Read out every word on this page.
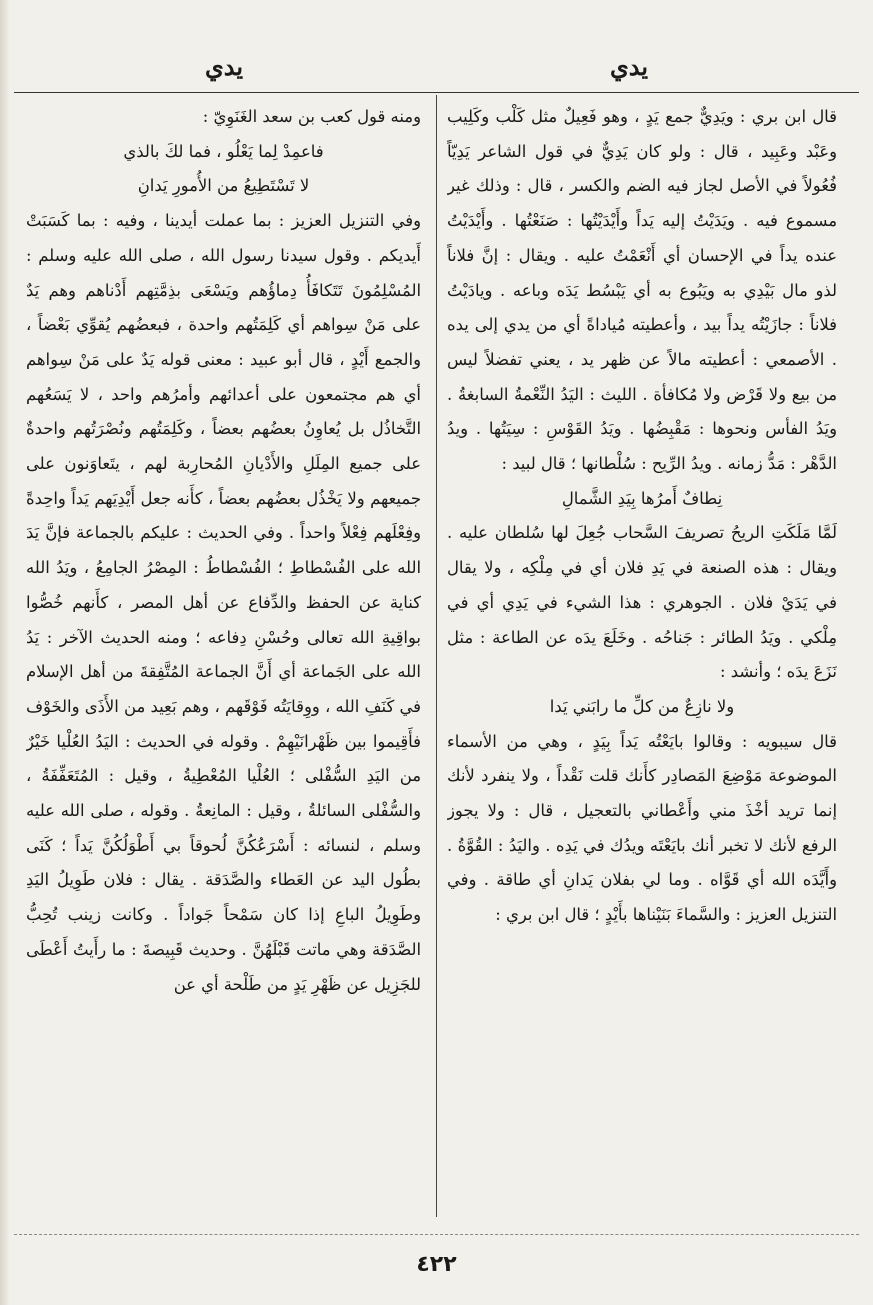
يدي
يدي

قال ابن بري : ويَدِيٌّ جمع يَدٍ ، وهو فَعِيلٌ مثل كَلْب وكَلِيب وعَبْد وعَبِيد ، قال : ولو كان يَدِيٌّ في قول الشاعر يَدِيّاً فُعُولاً في الأصل لجاز فيه الضم والكسر ، قال : وذلك غير مسموع فيه . ويَدَيْتُ إليه يَداً وأَيْدَيْتُها : صَنَعْتُها . وأَيْدَيْتُ عنده يداً في الإحسان أي أَنْعَمْتُ عليه . ويقال : إنَّ فلاناً لذو مال بَيْدِي به ويَبُوع به أي يَبْسُط يَدَه وباعه . ويادَيْتُ فلاناً : جازَيْتُه يداً بيد ، وأعطيته مُياداةً أي من يدي إلى يده . الأصمعي : أعطيته مالاً عن ظهر يد ، يعني تفضلاً ليس من بيع ولا قَرْض ولا مُكافأة . الليث : اليَدُ النِّعْمةُ السابغةُ . ويَدُ الفأس ونحوها : مَقْبِضُها . ويَدُ القَوْسِ : سِيَتُها . ويدُ الدَّهْر : مَدُّ زمانه . ويدُ الرِّيح : سُلْطانها ؛ قال لبيد :

نِطافٌ أَمرُها بِيَدِ الشَّمالِ

لَمَّا مَلَكَتِ الريحُ تصريفَ السَّحاب جُعِلَ لها سُلطان عليه . ويقال : هذه الصنعة في يَدِ فلان أي في مِلْكِه ، ولا يقال في يَدَيْ فلان . الجوهري : هذا الشيء في يَدِي أي في مِلْكي . ويَدُ الطائر : جَناحُه . وخَلَعَ يدَه عن الطاعة : مثل نَزَعَ يدَه ؛ وأنشد :

ولا نازِعٌ من كلِّ ما رابَني يَدا

قال سيبويه : وقالوا بايَعْتُه يَداً بِيَدٍ ، وهي من الأسماء الموضوعة مَوْضِعَ المَصادِر كأَنك قلت نَقْداً ، ولا ينفرد لأنك إنما تريد أخْذَ مني وأَعْطاني بالتعجيل ، قال : ولا يجوز الرفع لأنك لا تخبر أنك بايَعْتَه ويدُك في يَدِه . واليَدُ : القُوَّةُ . وأَيَّدَه الله أي قَوَّاه . وما لي بفلان يَدانِ أي طاقة . وفي التنزيل العزيز : والسَّماءَ بَنَيْناها بأَيْدٍ ؛ قال ابن بري :

ومنه قول كعب بن سعد الغَنَوِيّ :

فاعمِدْ لِما يَعْلُو ، فما لكَ بالذي

لا تَسْتَطِيعُ من الأُمورِ يَدانِ

وفي التنزيل العزيز : بما عملت أيدينا ، وفيه : بما كَسَبَتْ أَيديكم . وقول سيدنا رسول الله ، صلى الله عليه وسلم : المُسْلِمُونَ تَتَكافَأُ دِماؤُهم ويَسْعَى بذِمَّتِهم أَدْناهم وهم يَدٌ على مَنْ سِواهم أي كَلِمَتُهم واحدة ، فبعضُهم يُقوِّي بَعْضاً ، والجمع أَيْدٍ ، قال أبو عبيد : معنى قوله يَدٌ على مَنْ سِواهم أي هم مجتمعون على أعدائهم وأمرُهم واحد ، لا يَسَعُهم التَّخاذُل بل يُعاوِنُ بعضُهم بعضاً ، وكَلِمَتُهم ونُصْرَتُهم واحدةٌ على جميع المِلَلِ والأَدْيانِ المُحارِبة لهم ، يتَعاوَنون على جميعهم ولا يَخْذُل بعضُهم بعضاً ، كأَنه جعل أَيْدِيَهم يَداً واحِدةً وفِعْلَهم فِعْلاً واحداً . وفي الحديث : عليكم بالجماعة فإنَّ يَدَ الله على الفُسْطاطِ ؛ الفُسْطاطُ : المِصْرُ الجامِعُ ، ويَدُ الله كناية عن الحفظ والدِّفاع عن أهل المصر ، كأَنهم خُصُّوا بواقِيةِ الله تعالى وحُسْنِ دِفاعه ؛ ومنه الحديث الآخر : يَدُ الله على الجَماعة أي أَنَّ الجماعة المُتَّفِقةَ من أهل الإسلام في كَنَفِ الله ، ووِقايَتُه فَوْقَهم ، وهم بَعِيد من الأَذَى والخَوْف فأَقِيموا بين ظَهْرانَيْهِمْ . وقوله في الحديث : اليَدُ العُلْيا خَيْرٌ من اليَدِ السُّفْلى ؛ العُلْيا المُعْطِيةُ ، وقيل : المُتَعَفِّفَةُ ، والسُّفْلى السائلةُ ، وقيل : المانِعةُ . وقوله ، صلى الله عليه وسلم ، لنسائه : أَسْرَعُكُنَّ لُحوقاً بي أَطْوَلُكُنَّ يَداً ؛ كَنَى بطُول اليد عن العَطاء والصَّدَقة . يقال : فلان طَوِيلُ اليَدِ وطَوِيلُ الباعِ إذا كان سَمْحاً جَواداً . وكانت زينب تُحِبُّ الصَّدَقة وهي ماتت قَبْلَهُنَّ . وحديث قَبِيصةَ : ما رأَيتُ أَعْطَى للجَزِيل عن ظَهْرِ يَدٍ من طَلْحة أي عن

٤٢٢
